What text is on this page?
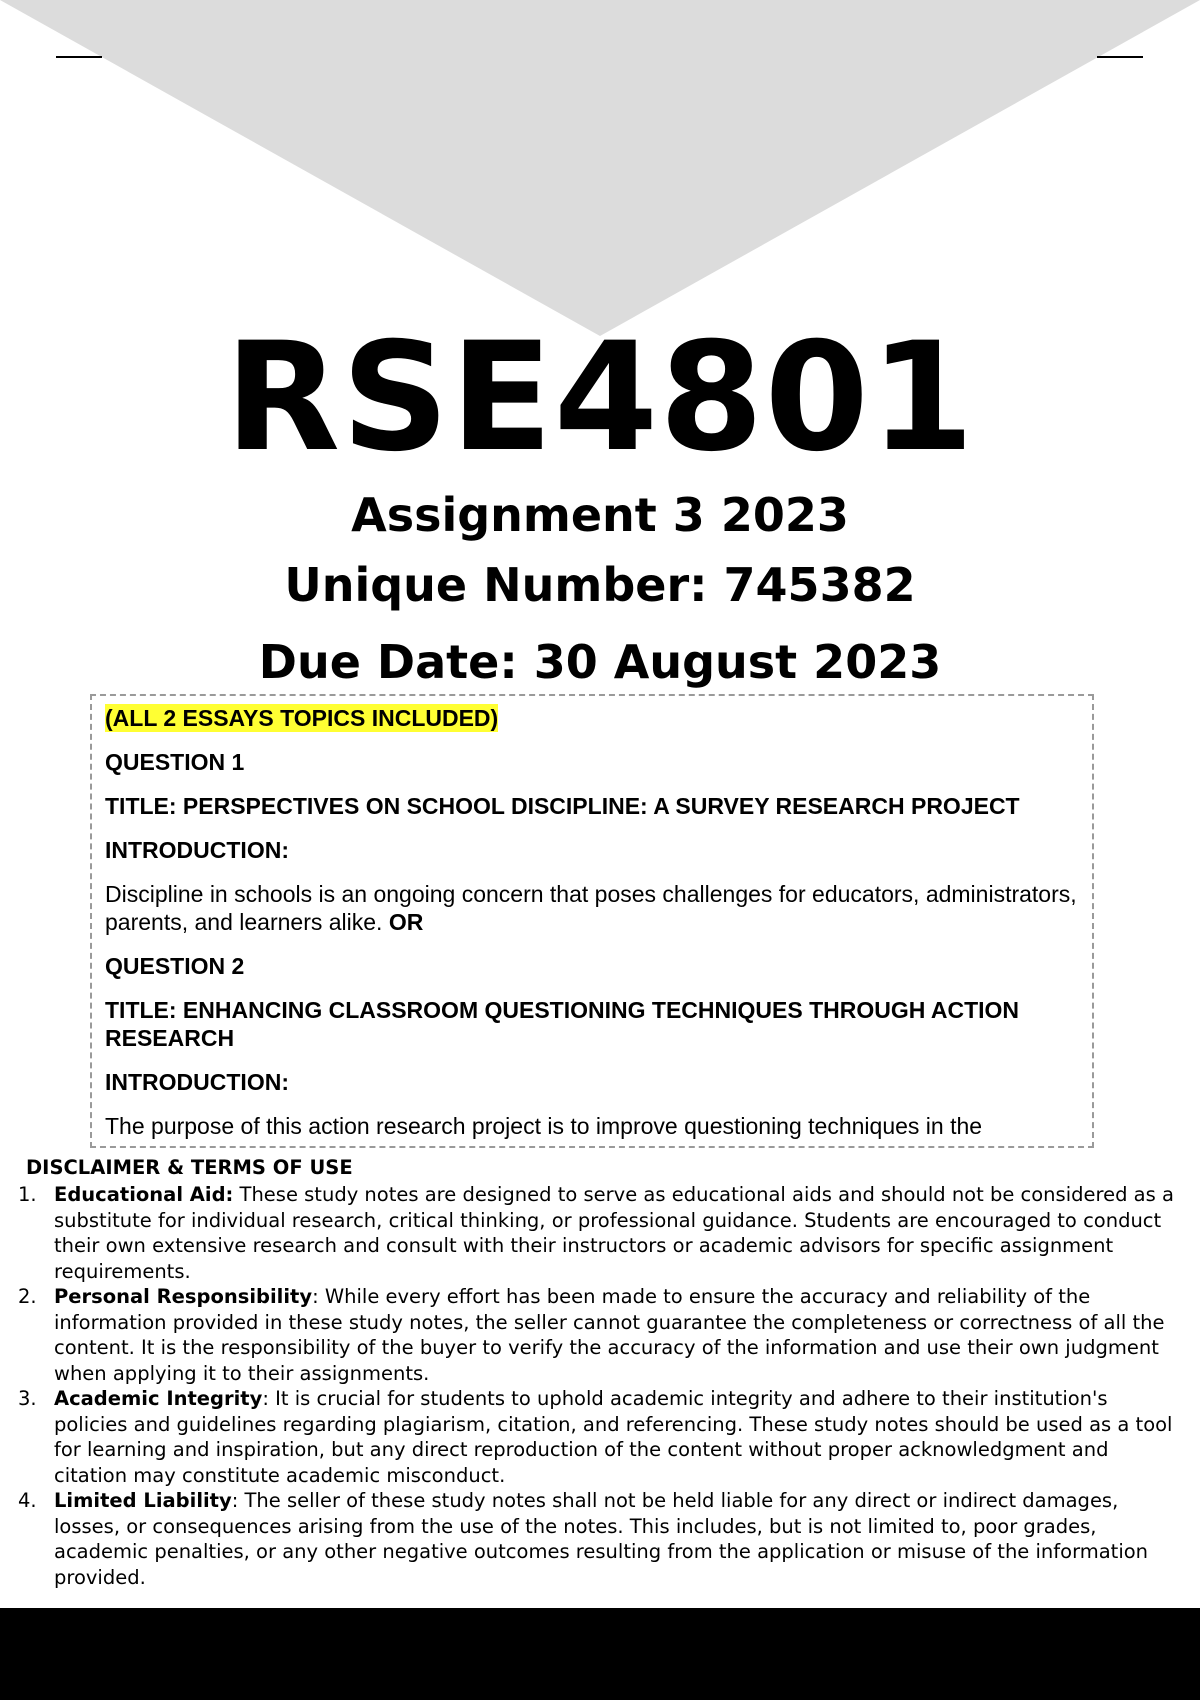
RSE4801
Assignment 3 2023
Unique Number: 745382
Due Date: 30 August 2023
(ALL 2 ESSAYS TOPICS INCLUDED)

QUESTION 1

TITLE: PERSPECTIVES ON SCHOOL DISCIPLINE: A SURVEY RESEARCH PROJECT

INTRODUCTION:

Discipline in schools is an ongoing concern that poses challenges for educators, administrators, parents, and learners alike. OR

QUESTION 2

TITLE: ENHANCING CLASSROOM QUESTIONING TECHNIQUES THROUGH ACTION RESEARCH

INTRODUCTION:

The purpose of this action research project is to improve questioning techniques in the

DISCLAIMER & TERMS OF USE
1. Educational Aid: These study notes are designed to serve as educational aids and should not be considered as a substitute for individual research, critical thinking, or professional guidance. Students are encouraged to conduct their own extensive research and consult with their instructors or academic advisors for specific assignment requirements.
2. Personal Responsibility: While every effort has been made to ensure the accuracy and reliability of the information provided in these study notes, the seller cannot guarantee the completeness or correctness of all the content. It is the responsibility of the buyer to verify the accuracy of the information and use their own judgment when applying it to their assignments.
3. Academic Integrity: It is crucial for students to uphold academic integrity and adhere to their institution's policies and guidelines regarding plagiarism, citation, and referencing. These study notes should be used as a tool for learning and inspiration, but any direct reproduction of the content without proper acknowledgment and citation may constitute academic misconduct.
4. Limited Liability: The seller of these study notes shall not be held liable for any direct or indirect damages, losses, or consequences arising from the use of the notes. This includes, but is not limited to, poor grades, academic penalties, or any other negative outcomes resulting from the application or misuse of the information provided.
